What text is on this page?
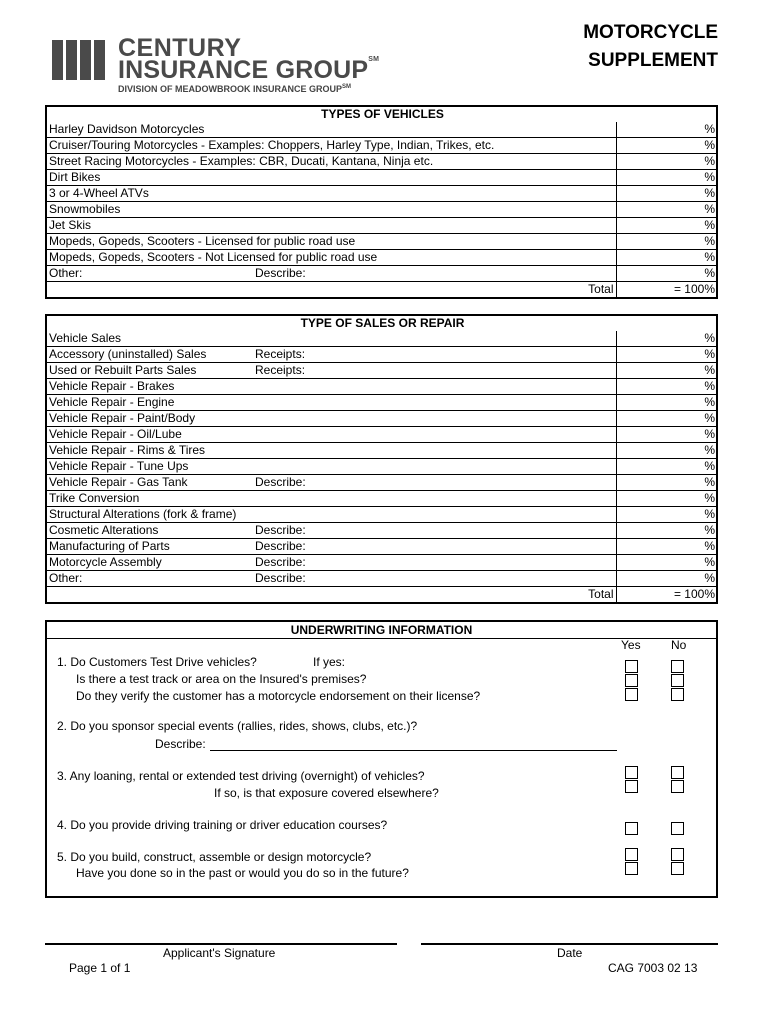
CENTURY
INSURANCE GROUP℠
DIVISION OF MEADOWBROOK INSURANCE GROUP℠
MOTORCYCLE
SUPPLEMENT
TYPES OF VEHICLES	
Harley Davidson Motorcycles	%
Cruiser/Touring Motorcycles - Examples: Choppers, Harley Type, Indian, Trikes, etc.	%
Street Racing Motorcycles - Examples: CBR, Ducati, Kantana, Ninja etc.	%
Dirt Bikes	%
3 or 4-Wheel ATVs	%
Snowmobiles	%
Jet Skis	%
Mopeds, Gopeds, Scooters - Licensed for public road use	%
Mopeds, Gopeds, Scooters - Not Licensed for public road use	%
Other: Describe:	%
Total	= 100%
TYPE OF SALES OR REPAIR	
Vehicle Sales	%
Accessory (uninstalled) Sales Receipts:	%
Used or Rebuilt Parts Sales Receipts:	%
Vehicle Repair - Brakes	%
Vehicle Repair - Engine	%
Vehicle Repair - Paint/Body	%
Vehicle Repair - Oil/Lube	%
Vehicle Repair - Rims & Tires	%
Vehicle Repair - Tune Ups	%
Vehicle Repair - Gas Tank Describe:	%
Trike Conversion	%
Structural Alterations (fork & frame)	%
Cosmetic Alterations Describe:	%
Manufacturing of Parts Describe:	%
Motorcycle Assembly Describe:	%
Other: Describe:	%
Total	= 100%
UNDERWRITING INFORMATION
Yes	No
1. Do Customers Test Drive vehicles?	If yes:
Is there a test track or area on the Insured's premises?
Do they verify the customer has a motorcycle endorsement on their license?
2. Do you sponsor special events (rallies, rides, shows, clubs, etc.)?
Describe:
3. Any loaning, rental or extended test driving (overnight) of vehicles?
If so, is that exposure covered elsewhere?
4. Do you provide driving training or driver education courses?
5. Do you build, construct, assemble or design motorcycle?
Have you done so in the past or would you do so in the future?
Applicant's Signature	Date
Page 1 of 1	CAG 7003 02 13
